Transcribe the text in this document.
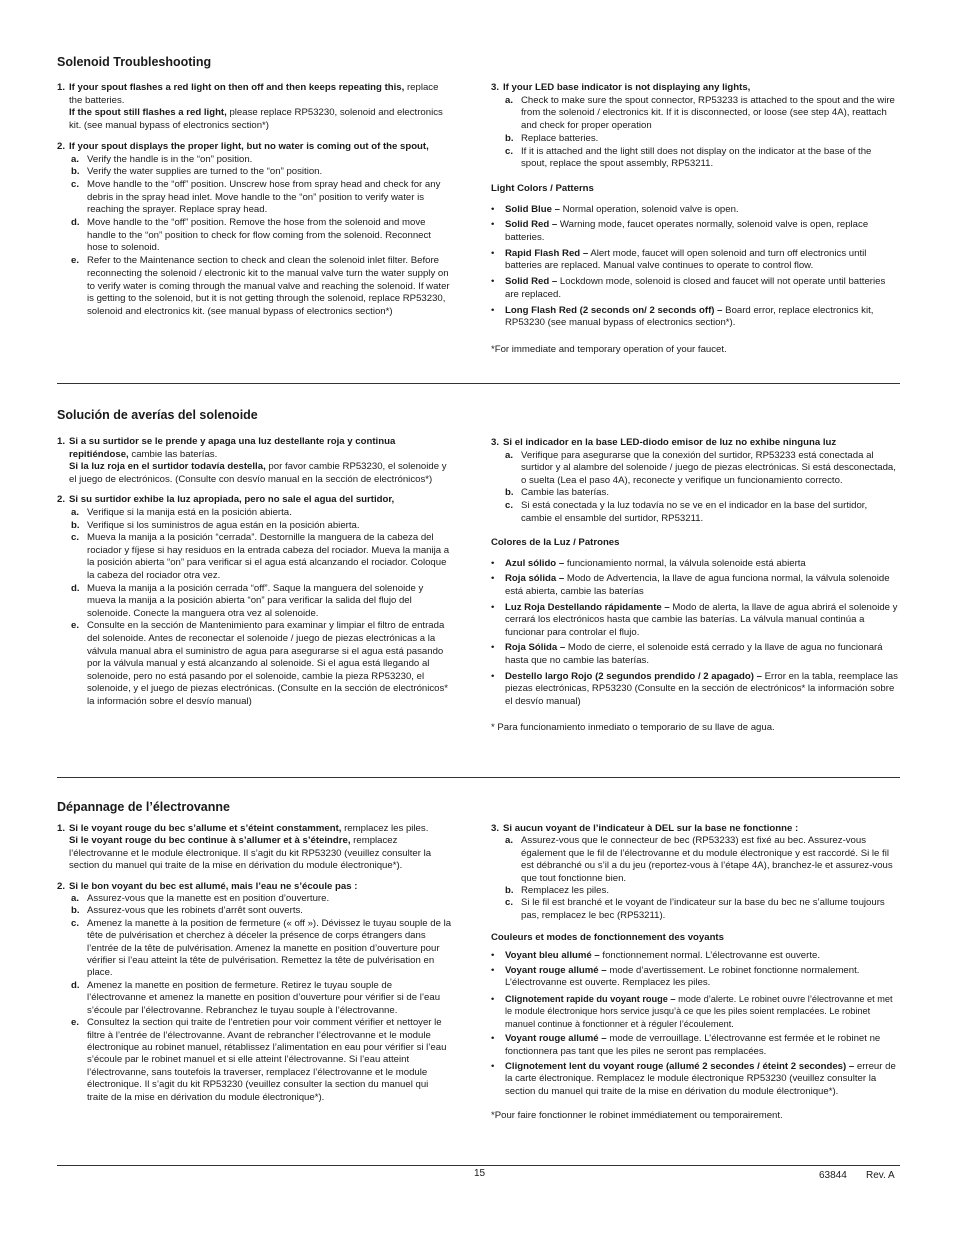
Solenoid Troubleshooting
1. If your spout flashes a red light on then off and then keeps repeating this, replace the batteries.
If the spout still flashes a red light, please replace RP53230, solenoid and electronics kit. (see manual bypass of electronics section*)
2. If your spout displays the proper light, but no water is coming out of the spout,
a. Verify the handle is in the “on” position.
b. Verify the water supplies are turned to the “on” position.
c. Move handle to the “off” position. Unscrew hose from spray head and check for any debris in the spray head inlet. Move handle to the “on” position to verify water is reaching the sprayer. Replace spray head.
d. Move handle to the “off” position. Remove the hose from the solenoid and move handle to the “on” position to check for flow coming from the solenoid. Reconnect hose to solenoid.
e. Refer to the Maintenance section to check and clean the solenoid inlet filter. Before reconnecting the solenoid / electronic kit to the manual valve turn the water supply on to verify water is coming through the manual valve and reaching the solenoid. If water is getting to the solenoid, but it is not getting through the solenoid, replace RP53230, solenoid and electronics kit. (see manual bypass of electronics section*)
3. If your LED base indicator is not displaying any lights,
a. Check to make sure the spout connector, RP53233 is attached to the spout and the wire from the solenoid / electronics kit. If it is disconnected, or loose (see step 4A), reattach and check for proper operation
b. Replace batteries.
c. If it is attached and the light still does not display on the indicator at the base of the spout, replace the spout assembly, RP53211.
Light Colors / Patterns
• Solid Blue – Normal operation, solenoid valve is open.
• Solid Red – Warning mode, faucet operates normally, solenoid valve is open, replace batteries.
• Rapid Flash Red – Alert mode, faucet will open solenoid and turn off electronics until batteries are replaced. Manual valve continues to operate to control flow.
• Solid Red – Lockdown mode, solenoid is closed and faucet will not operate until batteries are replaced.
• Long Flash Red (2 seconds on/ 2 seconds off) – Board error, replace electronics kit, RP53230 (see manual bypass of electronics section*).
*For immediate and temporary operation of your faucet.
Solución de averías del solenoide
1. Si a su surtidor se le prende y apaga una luz destellante roja y continua repitiéndose, cambie las baterías.
Si la luz roja en el surtidor todavía destella, por favor cambie RP53230, el solenoide y el juego de electrónicos. (Consulte con desvío manual en la sección de electrónicos*)
2. Si su surtidor exhibe la luz apropiada, pero no sale el agua del surtidor,
a. Verifique si la manija está en la posición abierta.
b. Verifique si los suministros de agua están en la posición abierta.
c. Mueva la manija a la posición “cerrada”. Destornille la manguera de la cabeza del rociador y fíjese si hay residuos en la entrada cabeza del rociador. Mueva la manija a la posición abierta “on” para verificar si el agua está alcanzando el rociador. Coloque la cabeza del rociador otra vez.
d. Mueva la manija a la posición cerrada “off”. Saque la manguera del solenoide y mueva la manija a la posición abierta “on” para verificar la salida del flujo del solenoide. Conecte la manguera otra vez al solenoide.
e. Consulte en la sección de Mantenimiento para examinar y limpiar el filtro de entrada del solenoide. Antes de reconectar el solenoide / juego de piezas electrónicas a la válvula manual abra el suministro de agua para asegurarse si el agua está pasando por la válvula manual y está alcanzando al solenoide. Si el agua está llegando al solenoide, pero no está pasando por el solenoide, cambie la pieza RP53230, el solenoide, y el juego de piezas electrónicas. (Consulte en la sección de electrónicos* la información sobre el desvío manual)
3. Si el indicador en la base LED-diodo emisor de luz no exhibe ninguna luz
a. Verifique para asegurarse que la conexión del surtidor, RP53233 está conectada al surtidor y al alambre del solenoide / juego de piezas electrónicas. Si está desconectada, o suelta (Lea el paso 4A), reconecte y verifique un funcionamiento correcto.
b. Cambie las baterías.
c. Si está conectada y la luz todavía no se ve en el indicador en la base del surtidor, cambie el ensamble del surtidor, RP53211.
Colores de la Luz / Patrones
• Azul sólido – funcionamiento normal, la válvula solenoide está abierta
• Roja sólida – Modo de Advertencia, la llave de agua funciona normal, la válvula solenoide está abierta, cambie las baterías
• Luz Roja Destellando rápidamente – Modo de alerta, la llave de agua abrirá el solenoide y cerrará los electrónicos hasta que cambie las baterías. La válvula manual continúa a funcionar para controlar el flujo.
• Roja Sólida – Modo de cierre, el solenoide está cerrado y la llave de agua no funcionará hasta que no cambie las baterías.
• Destello largo Rojo (2 segundos prendido / 2 apagado) – Error en la tabla, reemplace las piezas electrónicas, RP53230 (Consulte en la sección de electrónicos* la información sobre el desvío manual)
* Para funcionamiento inmediato o temporario de su llave de agua.
Dépannage de l’électrovanne
1. Si le voyant rouge du bec s’allume et s’éteint constamment, remplacez les piles.
Si le voyant rouge du bec continue à s’allumer et à s’éteindre, remplacez l’électrovanne et le module électronique. Il s’agit du kit RP53230 (veuillez consulter la section du manuel qui traite de la mise en dérivation du module électronique*).
2. Si le bon voyant du bec est allumé, mais l’eau ne s’écoule pas :
a. Assurez-vous que la manette est en position d’ouverture.
b. Assurez-vous que les robinets d’arrêt sont ouverts.
c. Amenez la manette à la position de fermeture (« off »). Dévissez le tuyau souple de la tête de pulvérisation et cherchez à déceler la présence de corps étrangers dans l’entrée de la tête de pulvérisation. Amenez la manette en position d’ouverture pour vérifier si l’eau atteint la tête de pulvérisation. Remettez la tête de pulvérisation en place.
d. Amenez la manette en position de fermeture. Retirez le tuyau souple de l’électrovanne et amenez la manette en position d’ouverture pour vérifier si de l’eau s’écoule par l’électrovanne. Rebranchez le tuyau souple à l’électrovanne.
e. Consultez la section qui traite de l’entretien pour voir comment vérifier et nettoyer le filtre à l’entrée de l’électrovanne. Avant de rebrancher l’électrovanne et le module électronique au robinet manuel, rétablissez l’alimentation en eau pour vérifier si l’eau s’écoule par le robinet manuel et si elle atteint l’électrovanne. Si l’eau atteint l’électrovanne, sans toutefois la traverser, remplacez l’électrovanne et le module électronique. Il s’agit du kit RP53230 (veuillez consulter la section du manuel qui traite de la mise en dérivation du module électronique*).
3. Si aucun voyant de l’indicateur à DEL sur la base ne fonctionne :
a. Assurez-vous que le connecteur de bec (RP53233) est fixé au bec. Assurez-vous également que le fil de l’électrovanne et du module électronique y est raccordé. Si le fil est débranché ou s’il a du jeu (reportez-vous à l’étape 4A), branchez-le et assurez-vous que tout fonctionne bien.
b. Remplacez les piles.
c. Si le fil est branché et le voyant de l’indicateur sur la base du bec ne s’allume toujours pas, remplacez le bec (RP53211).
Couleurs et modes de fonctionnement des voyants
• Voyant bleu allumé – fonctionnement normal. L’électrovanne est ouverte.
• Voyant rouge allumé – mode d’avertissement. Le robinet fonctionne normalement. L’électrovanne est ouverte. Remplacez les piles.
• Clignotement rapide du voyant rouge – mode d’alerte. Le robinet ouvre l’électrovanne et met le module électronique hors service jusqu’à ce que les piles soient remplacées. Le robinet manuel continue à fonctionner et à réguler l’écoulement.
• Voyant rouge allumé – mode de verrouillage. L’électrovanne est fermée et le robinet ne fonctionnera pas tant que les piles ne seront pas remplacées.
• Clignotement lent du voyant rouge (allumé 2 secondes / éteint 2 secondes) – erreur de la carte électronique. Remplacez le module électronique RP53230 (veuillez consulter la section du manuel qui traite de la mise en dérivation du module électronique*).
*Pour faire fonctionner le robinet immédiatement ou temporairement.
15	63844 Rev. A
